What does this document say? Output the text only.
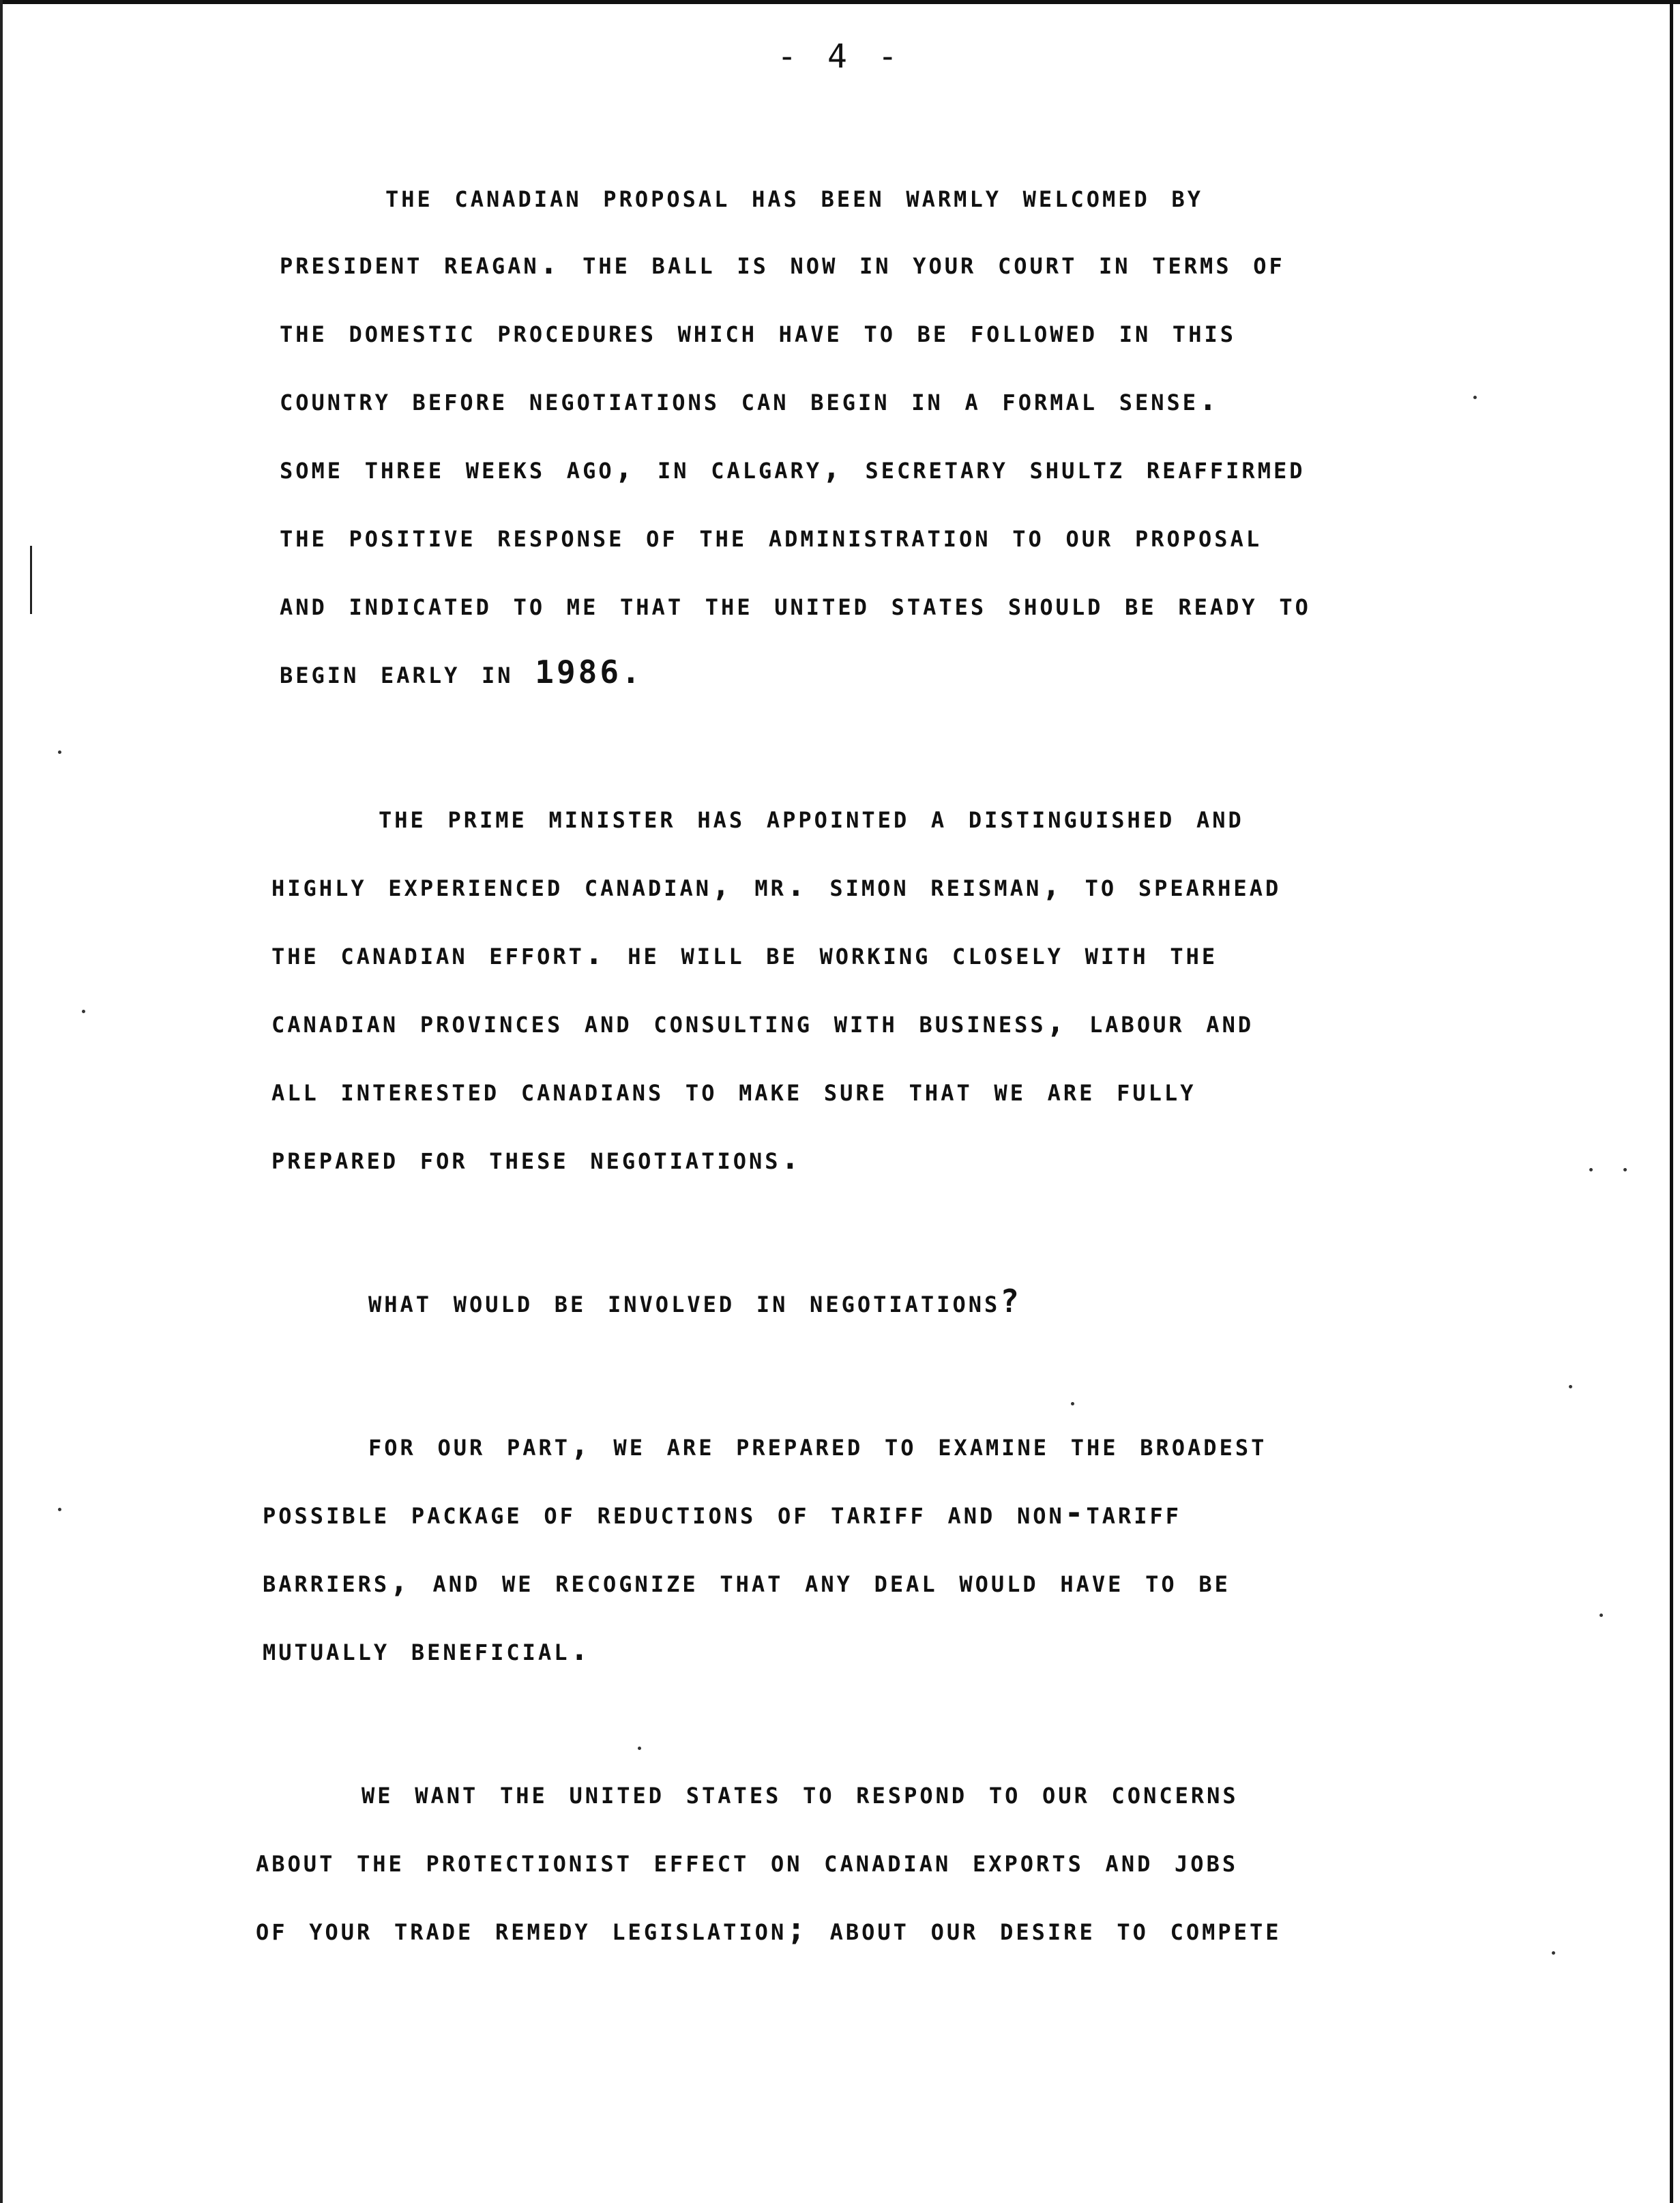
- 4 -
the canadian proposal has been warmly welcomed by
president reagan. the ball is now in your court in terms of
the domestic procedures which have to be followed in this
country before negotiations can begin in a formal sense.
some three weeks ago, in calgary, secretary shultz reaffirmed
the positive response of the administration to our proposal
and indicated to me that the united states should be ready to
begin early in 1986.
the prime minister has appointed a distinguished and
highly experienced canadian, mr. simon reisman, to spearhead
the canadian effort. he will be working closely with the
canadian provinces and consulting with business, labour and
all interested canadians to make sure that we are fully
prepared for these negotiations.
what would be involved in negotiations?
for our part, we are prepared to examine the broadest
possible package of reductions of tariff and non-tariff
barriers, and we recognize that any deal would have to be
mutually beneficial.
we want the united states to respond to our concerns
about the protectionist effect on canadian exports and jobs
of your trade remedy legislation; about our desire to compete
